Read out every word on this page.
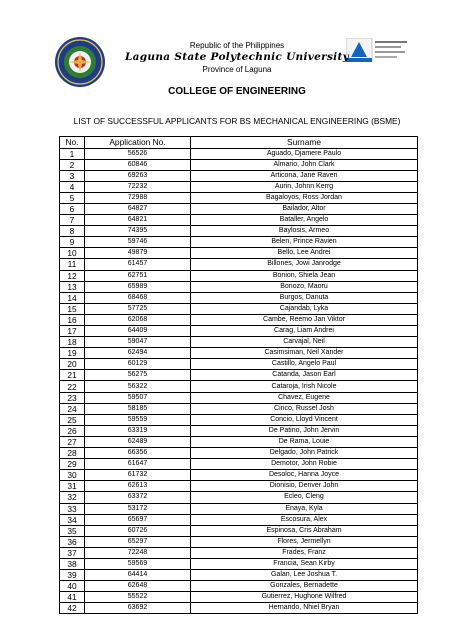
Republic of the Philippines
Laguna State Polytechnic University
Province of Laguna
COLLEGE OF ENGINEERING
LIST OF SUCCESSFUL APPLICANTS FOR BS MECHANICAL ENGINEERING (BSME)
No.	Application No.	Surname
1	56526	Aguado, Djamere Paulo
2	60846	Almario, John Clark
3	69263	Articona, Jane Raven
4	72232	Aurin, Johnn Kerrg
5	72988	Bagaloyos, Ross Jordan
6	64827	Bailador, Altor
7	64821	Bataller, Angelo
8	74395	Baylosis, Armeo
9	59746	Belen, Prince Ravien
10	49879	Bello, Lee Andrei
11	61457	Billones, Jowi Janrodge
12	62751	Bonion, Shiela Jean
13	65989	Bonozo, Maoru
14	68468	Burgos, Danuta
15	57725	Cajandab, Lyka
16	62068	Cambe, Reemo Jan Viktor
17	64409	Carag, Liam Andrei
18	59047	Carvajal, Neil
19	62494	Casimsiman, Neil Xander
20	60129	Castillo, Angelo Paul
21	56275	Catanda, Jason Earl
22	56322	Cataroja, Irish Nicole
23	59507	Chavez, Eugene
24	58185	Cinco, Russel Josh
25	59559	Concio, Lloyd Vincent
26	63319	De Patino, John Jervin
27	62489	De Rama, Louie
28	66356	Delgado, John Patrick
29	61647	Demotor, John Robie
30	61732	Desoloc, Hanna Joyce
31	62613	Dionisio, Denver John
32	63372	Ecleo, Cleng
33	53172	Enaya, Kyla
34	65697	Escosura, Alex
35	60726	Espinosa, Cris Abraham
36	65297	Flores, Jermellyn
37	72248	Frades, Franz
38	59569	Francia, Sean Kirby
39	64414	Galan, Lee Joshua T.
40	62648	Gonzales, Bernadette
41	55522	Gutierrez, Hughone Wilfred
42	63692	Hernando, Nhiel Bryan
